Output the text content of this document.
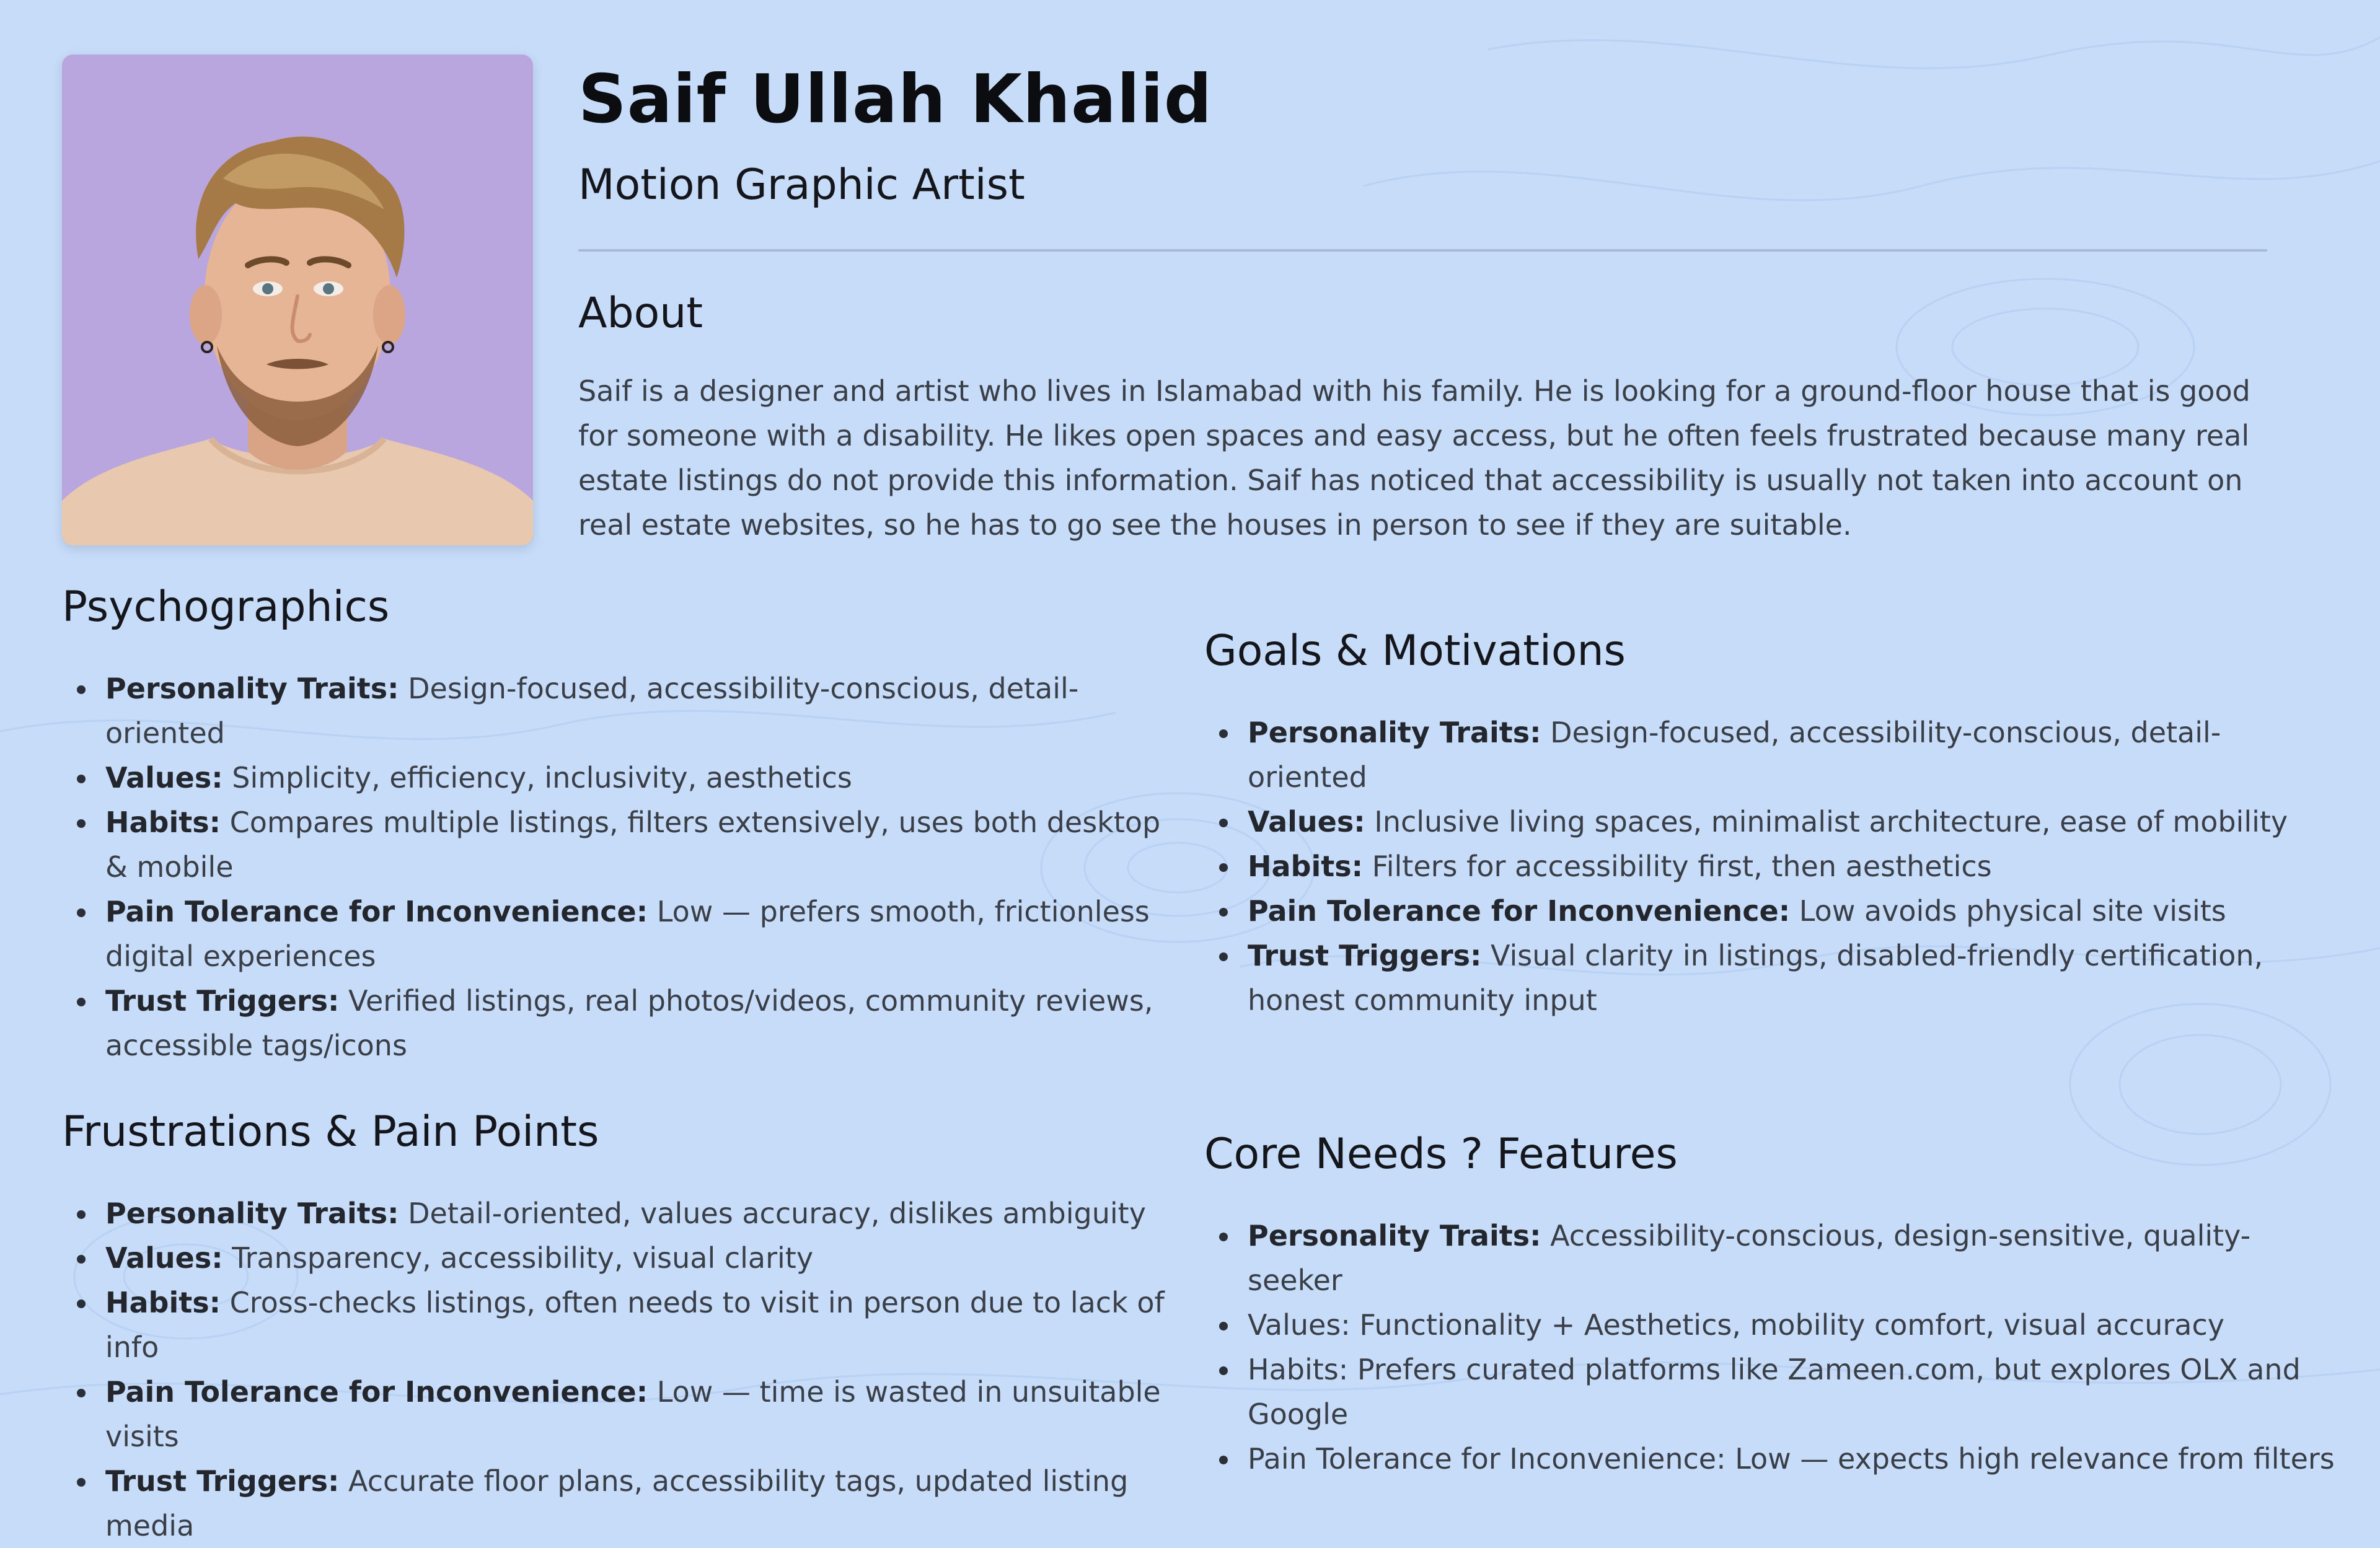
Saif Ullah Khalid

Motion Graphic Artist

About

Saif is a designer and artist who lives in Islamabad with his family. He is looking for a ground-floor house that is good for someone with a disability. He likes open spaces and easy access, but he often feels frustrated because many real estate listings do not provide this information. Saif has noticed that accessibility is usually not taken into account on real estate websites, so he has to go see the houses in person to see if they are suitable.

Psychographics
Personality Traits: Design-focused, accessibility-conscious, detail-oriented
Values: Simplicity, efficiency, inclusivity, aesthetics
Habits: Compares multiple listings, filters extensively, uses both desktop & mobile
Pain Tolerance for Inconvenience: Low — prefers smooth, frictionless digital experiences
Trust Triggers: Verified listings, real photos/videos, community reviews, accessible tags/icons
Goals & Motivations
Personality Traits: Design-focused, accessibility-conscious, detail-oriented
Values: Inclusive living spaces, minimalist architecture, ease of mobility
Habits: Filters for accessibility first, then aesthetics
Pain Tolerance for Inconvenience: Low avoids physical site visits
Trust Triggers: Visual clarity in listings, disabled-friendly certification, honest community input
Frustrations & Pain Points
Personality Traits: Detail-oriented, values accuracy, dislikes ambiguity
Values: Transparency, accessibility, visual clarity
Habits: Cross-checks listings, often needs to visit in person due to lack of info
Pain Tolerance for Inconvenience: Low — time is wasted in unsuitable visits
Trust Triggers: Accurate floor plans, accessibility tags, updated listing media
Core Needs ? Features
Personality Traits: Accessibility-conscious, design-sensitive, quality-seeker
Values: Functionality + Aesthetics, mobility comfort, visual accuracy
Habits: Prefers curated platforms like Zameen.com, but explores OLX and Google
Pain Tolerance for Inconvenience: Low — expects high relevance from filters
